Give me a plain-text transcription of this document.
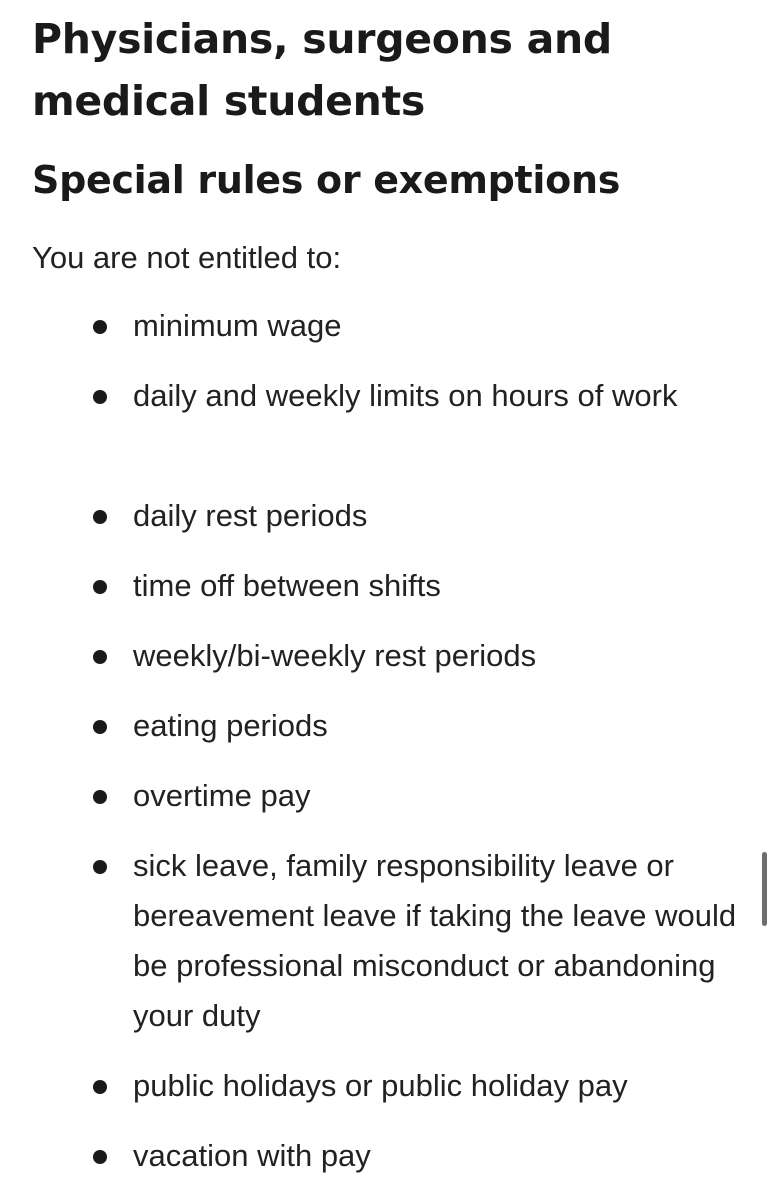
Physicians, surgeons and medical students
Special rules or exemptions

You are not entitled to:

minimum wage
daily and weekly limits on hours of work
daily rest periods
time off between shifts
weekly/bi-weekly rest periods
eating periods
overtime pay
sick leave, family responsibility leave or bereavement leave if taking the leave would be professional misconduct or abandoning your duty
public holidays or public holiday pay
vacation with pay
